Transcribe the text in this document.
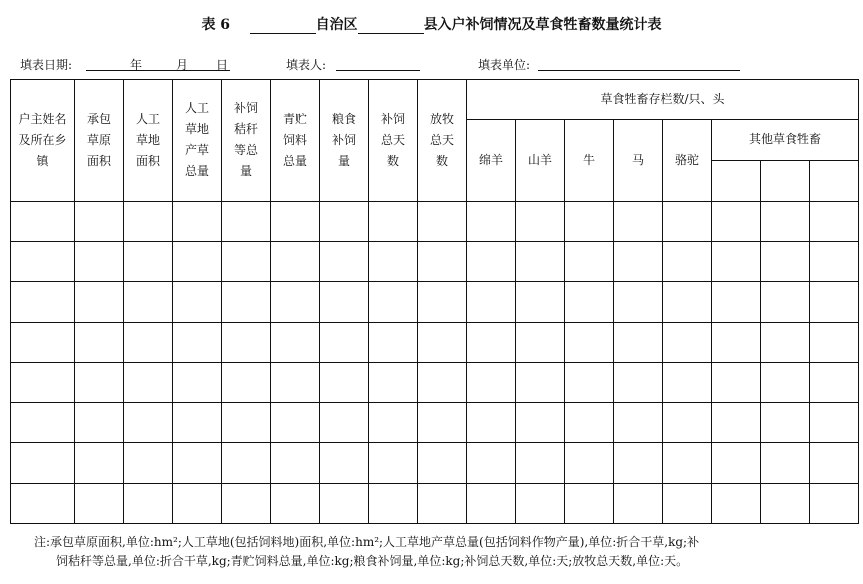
表 6	自治区	县入户补饲情况及草食牲畜数量统计表
填表日期:	年	月 日	填表人:	填表单位:
户主姓名及所在乡镇	承包草原面积	人工草地面积	人工草地产草总量	补饲秸秆等总量	青贮饲料总量	粮食补饲量	补饲总天数	放牧总天数	草食牲畜存栏数/只、头							
									绵羊	山羊	牛	马	骆驼	其他草食牲畜		

注:承包草原面积,单位:hm²;人工草地(包括饲料地)面积,单位:hm²;人工草地产草总量(包括饲料作物产量),单位:折合干草,kg;补
饲秸秆等总量,单位:折合干草,kg;青贮饲料总量,单位:kg;粮食补饲量,单位:kg;补饲总天数,单位:天;放牧总天数,单位:天。
